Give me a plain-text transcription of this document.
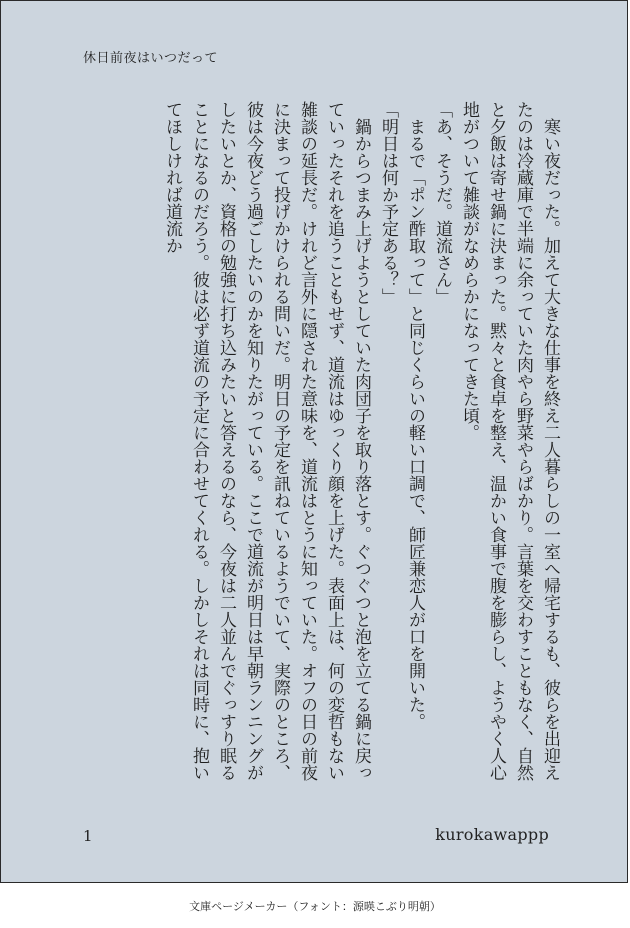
休日前夜はいつだって

寒い夜だった。加えて大きな仕事を終え二人暮らしの一室へ帰宅するも、彼らを出迎えたのは冷蔵庫で半端に余っていた肉やら野菜やらばかり。言葉を交わすこともなく、自然と夕飯は寄せ鍋に決まった。黙々と食卓を整え、温かい食事で腹を膨らし、ようやく人心地がついて雑談がなめらかになってきた頃。

「あ、そうだ。道流さん」

まるで「ポン酢取って」と同じくらいの軽い口調で、師匠兼恋人が口を開いた。

「明日は何か予定ある？」

鍋からつまみ上げようとしていた肉団子を取り落とす。ぐつぐつと泡を立てる鍋に戻っていったそれを追うこともせず、道流はゆっくり顔を上げた。表面上は、何の変哲もない雑談の延長だ。けれど言外に隠された意味を、道流はとうに知っていた。オフの日の前夜に決まって投げかけられる問いだ。明日の予定を訊ねているようでいて、実際のところ、彼は今夜どう過ごしたいのかを知りたがっている。ここで道流が明日は早朝ランニングがしたいとか、資格の勉強に打ち込みたいと答えるのなら、今夜は二人並んでぐっすり眠ることになるのだろう。彼は必ず道流の予定に合わせてくれる。しかしそれは同時に、抱いてほしければ道流か

1	kurokawappp
文庫ページメーカー（フォント：源暎こぶり明朝）
